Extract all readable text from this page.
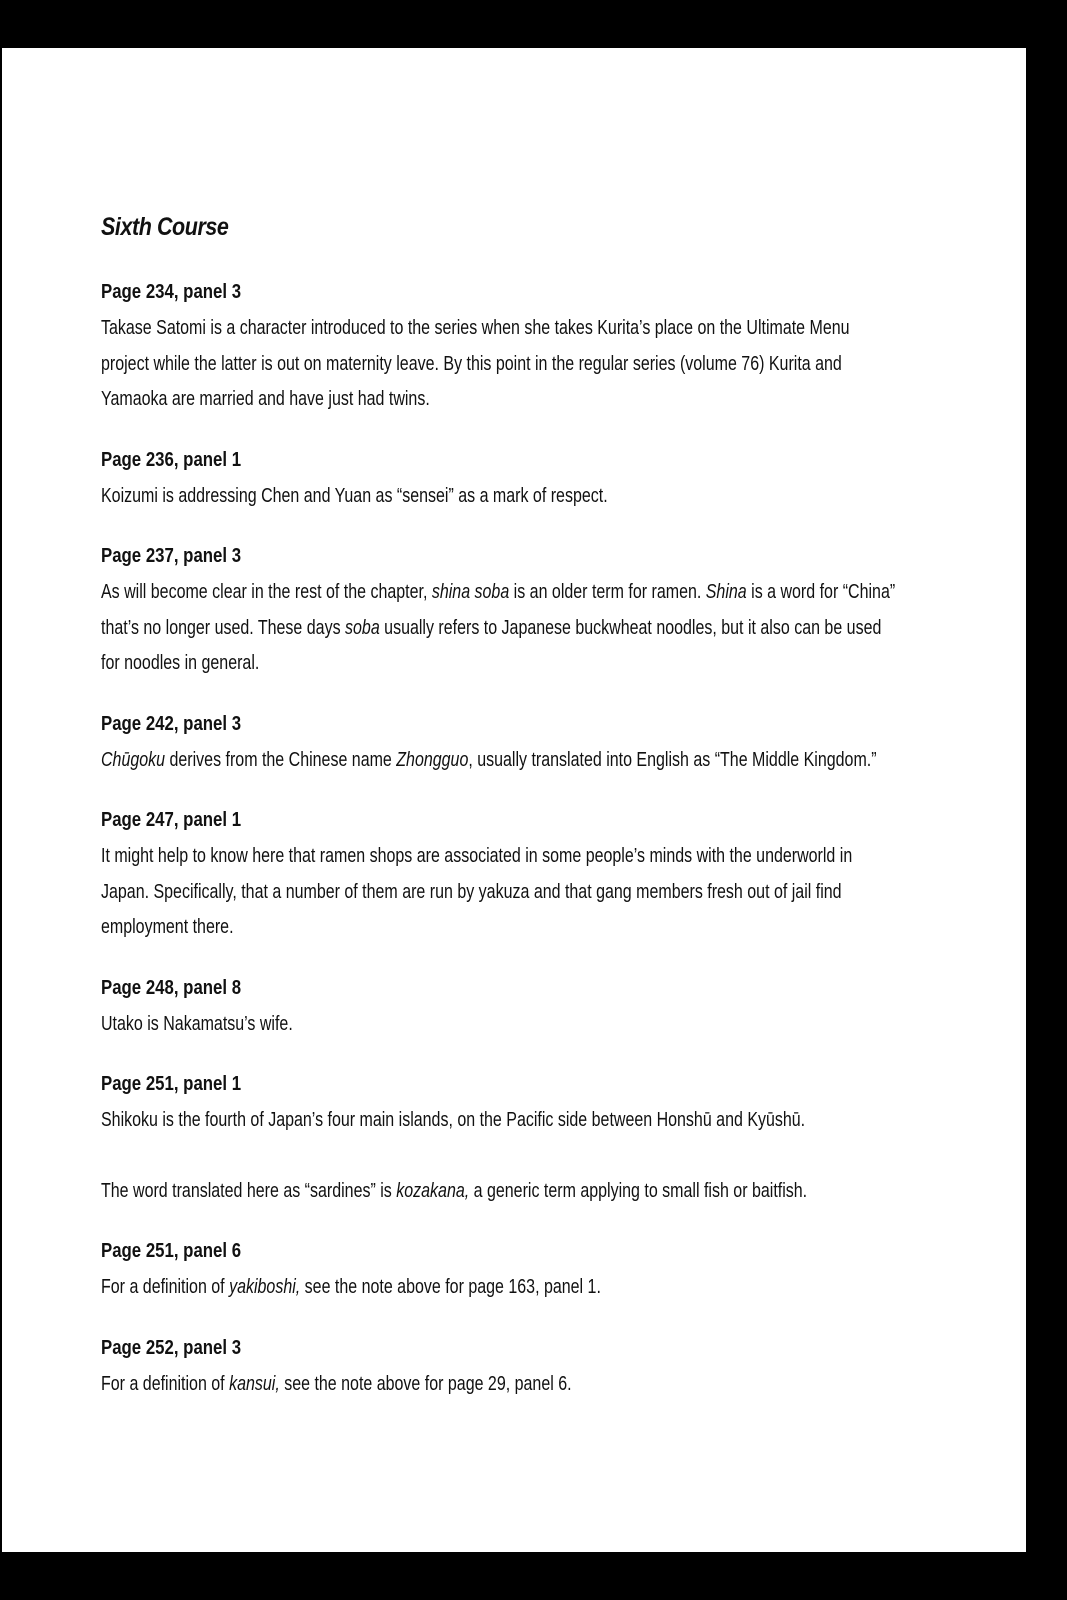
Sixth Course
Page 234, panel 3
Takase Satomi is a character introduced to the series when she takes Kurita’s place on the Ultimate Menu project while the latter is out on maternity leave. By this point in the regular series (volume 76) Kurita and Yamaoka are married and have just had twins.
Page 236, panel 1
Koizumi is addressing Chen and Yuan as “sensei” as a mark of respect.
Page 237, panel 3
As will become clear in the rest of the chapter, shina soba is an older term for ramen. Shina is a word for “China” that’s no longer used. These days soba usually refers to Japanese buckwheat noodles, but it also can be used for noodles in general.
Page 242, panel 3
Chūgoku derives from the Chinese name Zhongguo, usually translated into English as “The Middle Kingdom.”
Page 247, panel 1
It might help to know here that ramen shops are associated in some people’s minds with the underworld in Japan. Specifically, that a number of them are run by yakuza and that gang members fresh out of jail find employment there.
Page 248, panel 8
Utako is Nakamatsu’s wife.
Page 251, panel 1
Shikoku is the fourth of Japan’s four main islands, on the Pacific side between Honshū and Kyūshū.
The word translated here as “sardines” is kozakana, a generic term applying to small fish or baitfish.
Page 251, panel 6
For a definition of yakiboshi, see the note above for page 163, panel 1.
Page 252, panel 3
For a definition of kansui, see the note above for page 29, panel 6.
